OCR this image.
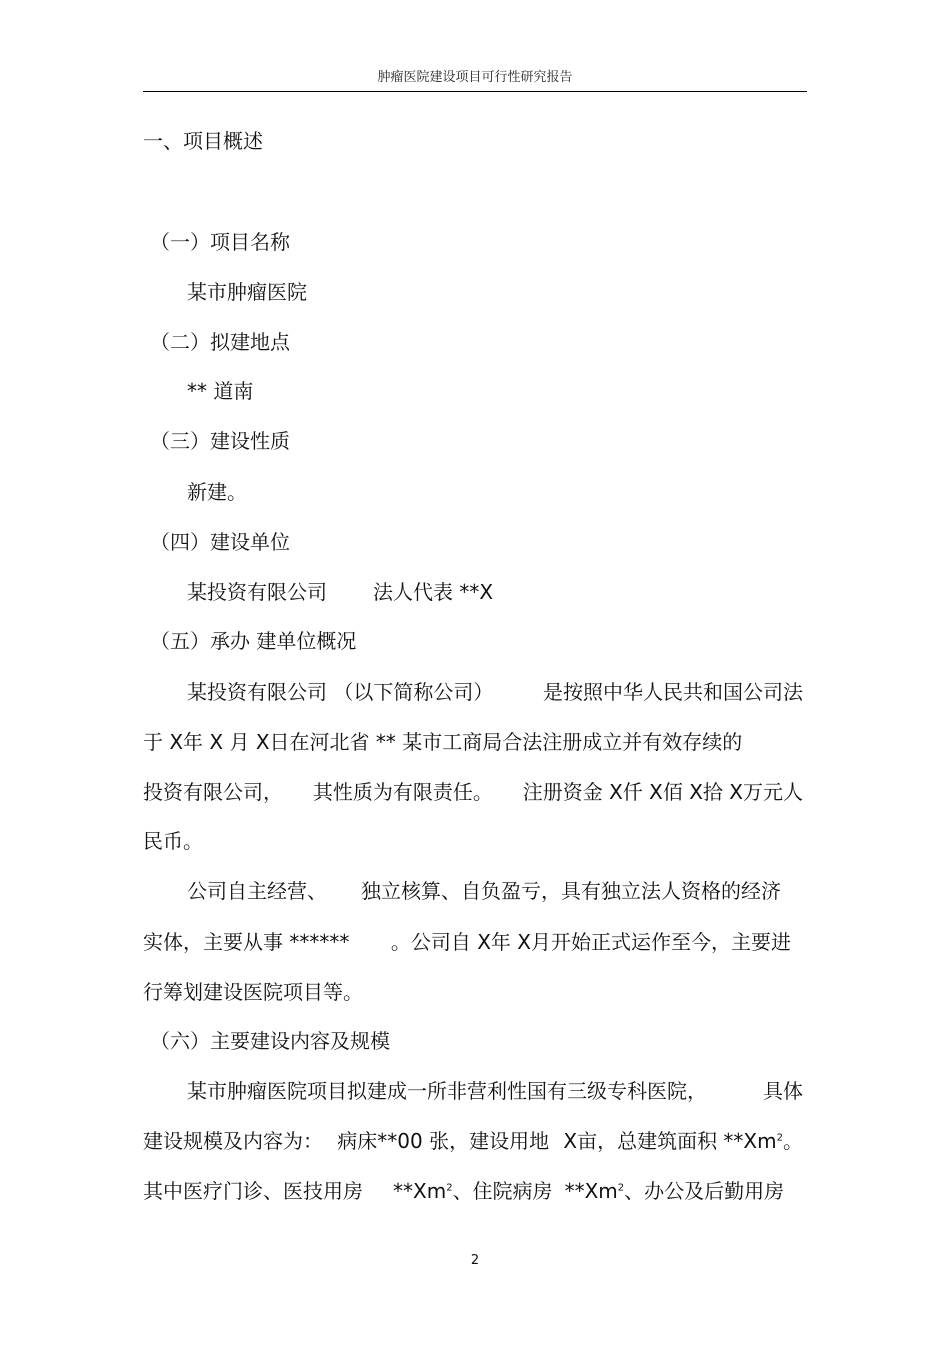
肿瘤医院建设项目可行性研究报告
一、项目概述
（一）项目名称
某市肿瘤医院
（二）拟建地点
** 道南
（三）建设性质
新建。
（四）建设单位
某投资有限公司 法人代表 **X
（五）承办 建单位概况
某投资有限公司 （以下简称公司） 是按照中华人民共和国公司法
于 X年 X 月 X日在河北省 ** 某市工商局合法注册成立并有效存续的
投资有限公司， 其性质为有限责任。 注册资金 X仟 X佰 X拾 X万元人
民币。
公司自主经营、 独立核算、自负盈亏，具有独立法人资格的经济
实体，主要从事 ****** 。公司自 X年 X月开始正式运作至今，主要进
行筹划建设医院项目等。
（六）主要建设内容及规模
某市肿瘤医院项目拟建成一所非营利性国有三级专科医院，	具体
建设规模及内容为： 病床**00 张，建设用地 X亩，总建筑面积 **Xm$^2$。
其中医疗门诊、医技用房 **Xm$^2$、住院病房 **Xm$^2$、办公及后勤用房
2
